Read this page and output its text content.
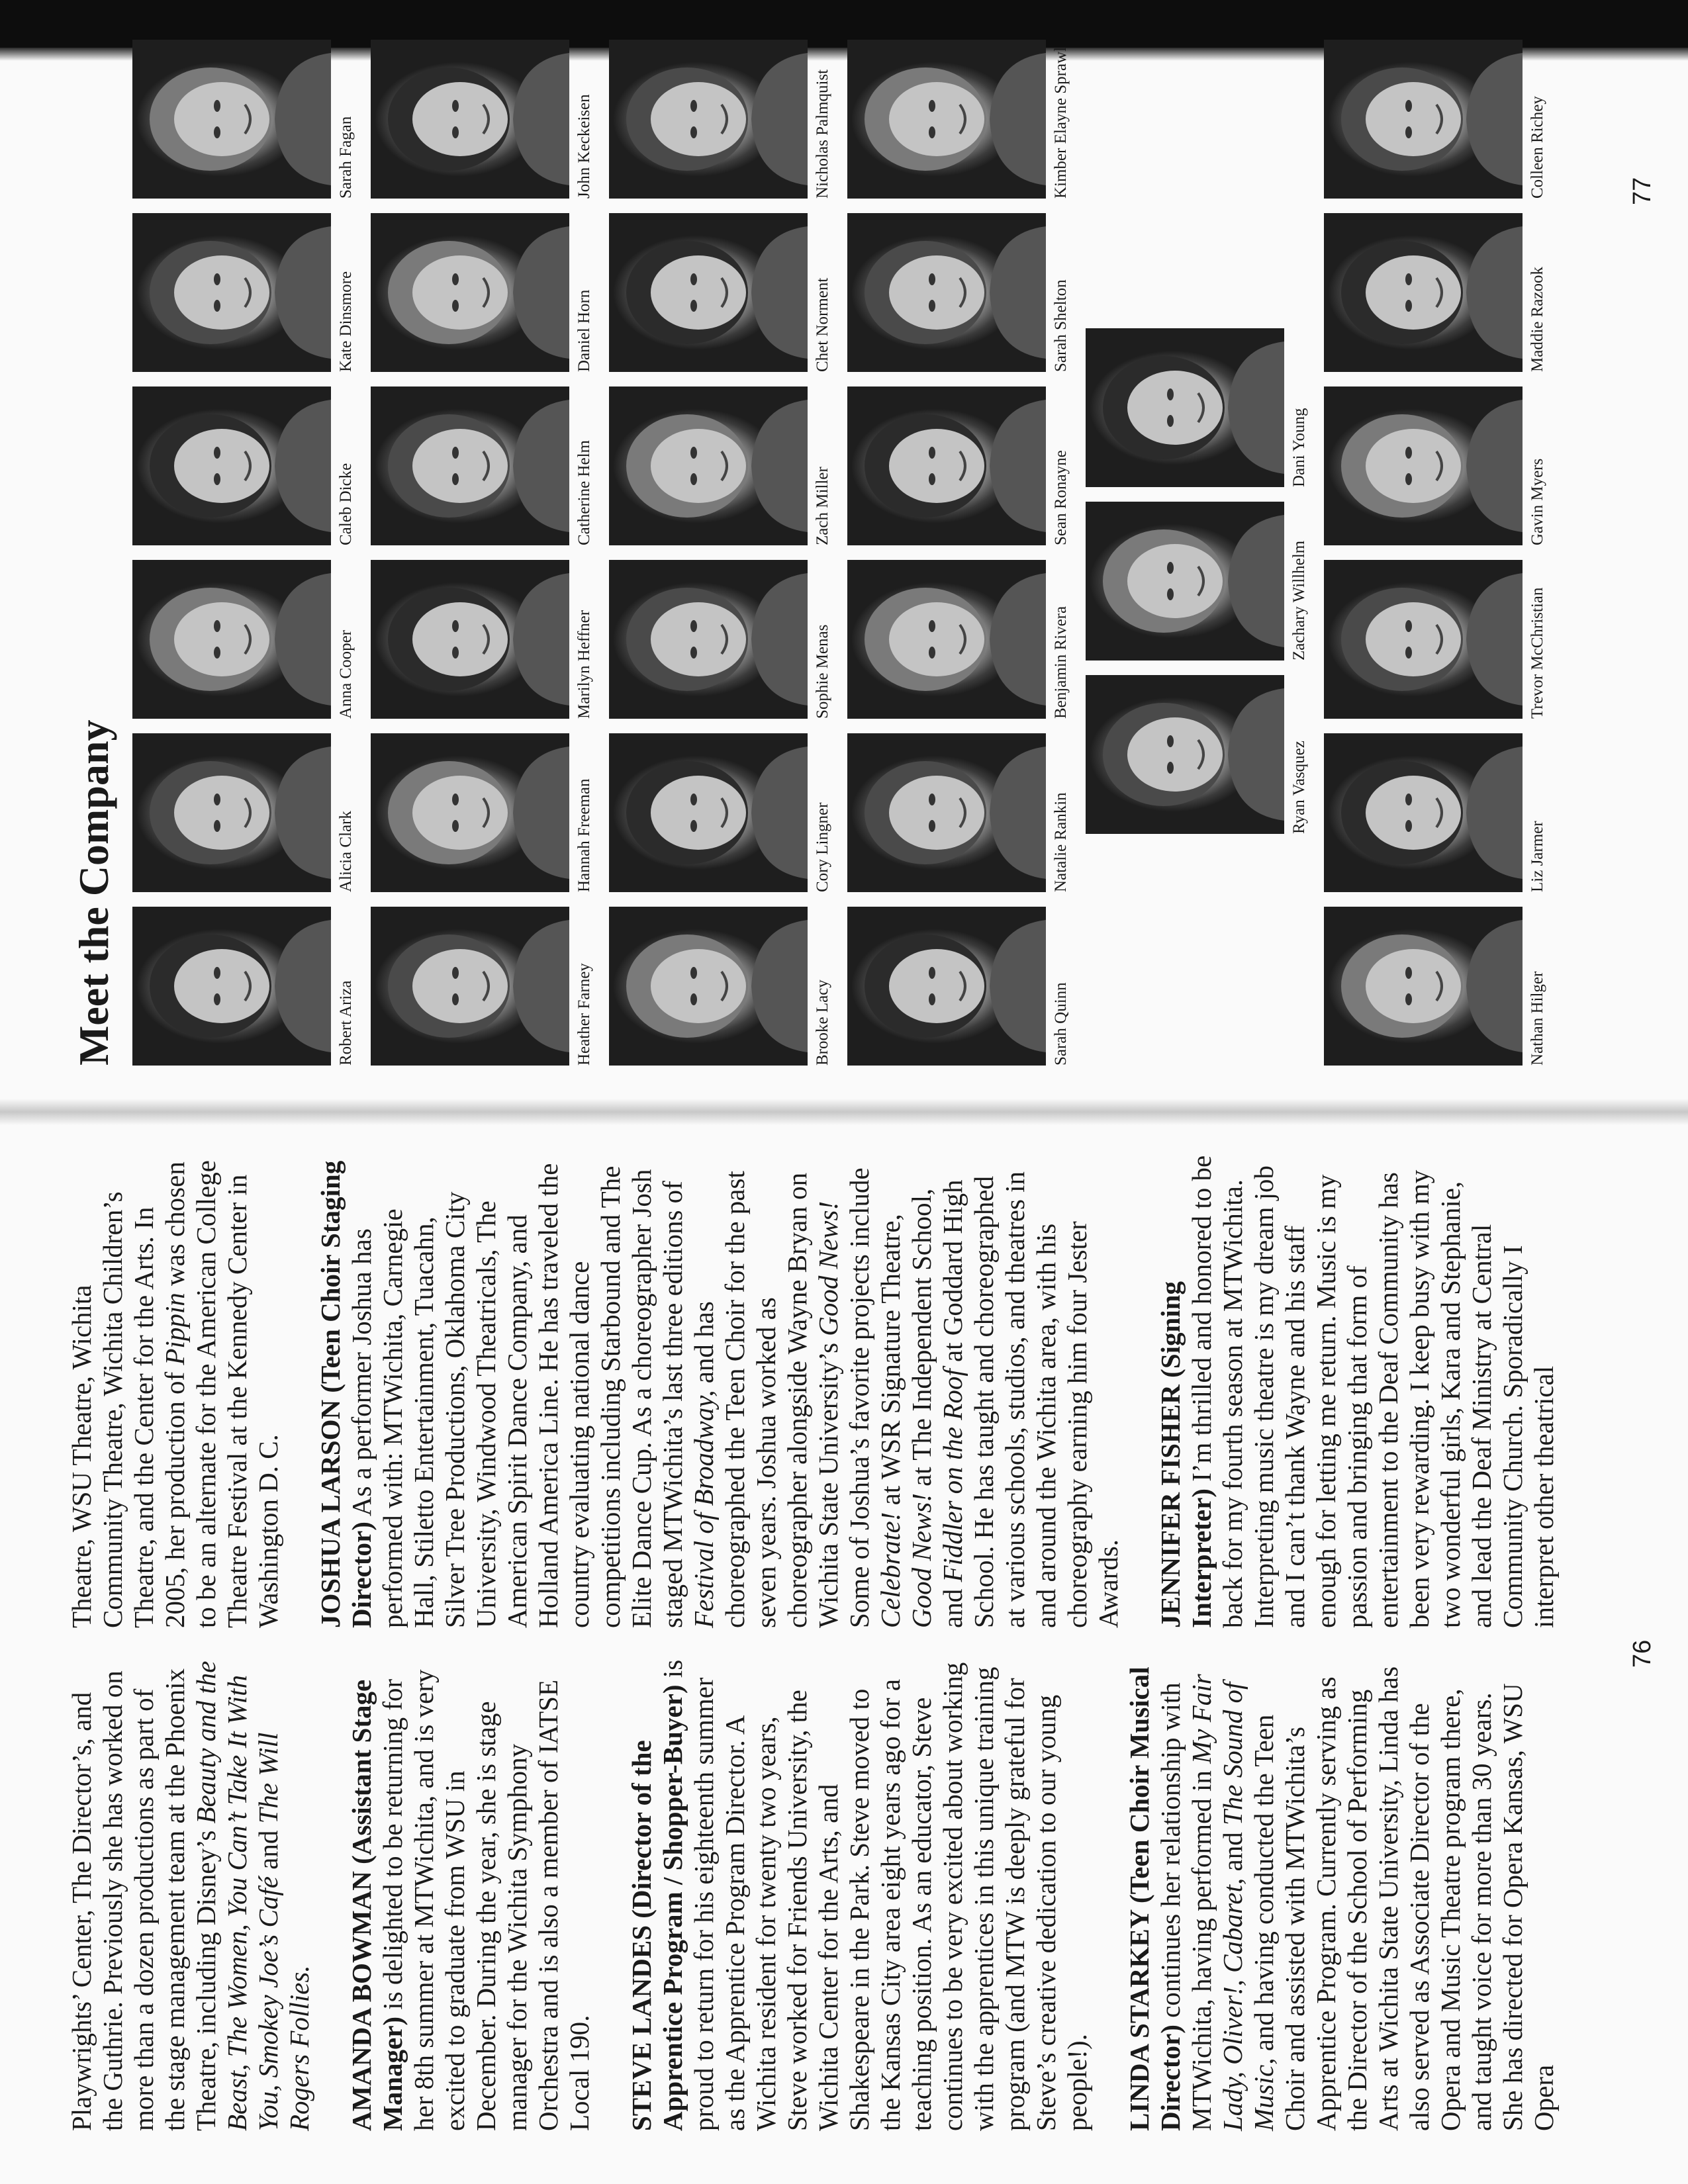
Playwrights’ Center, The Director’s, and the Guthrie. Previously she has worked on more than a dozen productions as part of the stage management team at the Phoenix Theatre, including Disney’s Beauty and the Beast, The Women, You Can’t Take It With You, Smokey Joe’s Café and The Will Rogers Follies. AMANDA BOWMAN (Assistant Stage Manager) is delighted to be returning for her 8th summer at MTWichita, and is very excited to graduate from WSU in December. During the year, she is stage manager for the Wichita Symphony Orchestra and is also a member of IATSE Local 190. STEVE LANDES (Director of the Apprentice Program / Shopper-Buyer) is proud to return for his eighteenth summer as the Apprentice Program Director. A Wichita resident for twenty two years, Steve worked for Friends University, the Wichita Center for the Arts, and Shakespeare in the Park. Steve moved to the Kansas City area eight years ago for a teaching position. As an educator, Steve continues to be very excited about working with the apprentices in this unique training program (and MTW is deeply grateful for Steve’s creative dedication to our young people!). LINDA STARKEY (Teen Choir Musical Director) continues her relationship with MTWichita, having performed in My Fair Lady, Oliver!, Cabaret, and The Sound of Music, and having conducted the Teen Choir and assisted with MTWichita’s Apprentice Program. Currently serving as the Director of the School of Performing Arts at Wichita State University, Linda has also served as Associate Director of the Opera and Music Theatre program there, and taught voice for more than 30 years. She has directed for Opera Kansas, WSU Opera

Theatre, WSU Theatre, Wichita Community Theatre, Wichita Children’s Theatre, and the Center for the Arts. In 2005, her production of Pippin was chosen to be an alternate for the American College Theatre Festival at the Kennedy Center in Washington D. C. JOSHUA LARSON (Teen Choir Staging Director) As a performer Joshua has performed with: MTWichita, Carnegie Hall, Stiletto Entertainment, Tuacahn, Silver Tree Productions, Oklahoma City University, Windwood Theatricals, The American Spirit Dance Company, and Holland America Line. He has traveled the country evaluating national dance competitions including Starbound and The Elite Dance Cup. As a choreographer Josh staged MTWichita’s last three editions of Festival of Broadway, and has choreographed the Teen Choir for the past seven years. Joshua worked as choreographer alongside Wayne Bryan on Wichita State University’s Good News! Some of Joshua’s favorite projects include Celebrate! at WSR Signature Theatre, Good News! at The Independent School, and Fiddler on the Roof at Goddard High School. He has taught and choreographed at various schools, studios, and theatres in and around the Wichita area, with his choreography earning him four Jester Awards. JENNIFER FISHER (Signing Interpreter) I’m thrilled and honored to be back for my fourth season at MTWichita. Interpreting music theatre is my dream job and I can’t thank Wayne and his staff enough for letting me return. Music is my passion and bringing that form of entertainment to the Deaf Community has been very rewarding. I keep busy with my two wonderful girls, Kara and Stephanie, and lead the Deaf Ministry at Central Community Church. Sporadically I interpret other theatrical

76
Meet the Company	Robert Ariza
Alicia Clark
Anna Cooper
Caleb Dicke
Kate Dinsmore
Sarah Fagan
Heather Farney
Hannah Freeman
Marilyn Heffner
Catherine Helm
Daniel Horn
John Keckeisen
Brooke Lacy
Cory Lingner
Sophie Menas
Zach Miller
Chet Norment
Nicholas Palmquist
Sarah Quinn
Natalie Rankin
Benjamin Rivera
Sean Ronayne
Sarah Shelton
Kimber Elayne Sprawl
Ryan Vasquez
Zachary Willhelm
Dani Young
Nathan Hilger
Liz Jarmer
Trevor McChristian
Gavin Myers
Maddie Razook
Colleen Richey	77
